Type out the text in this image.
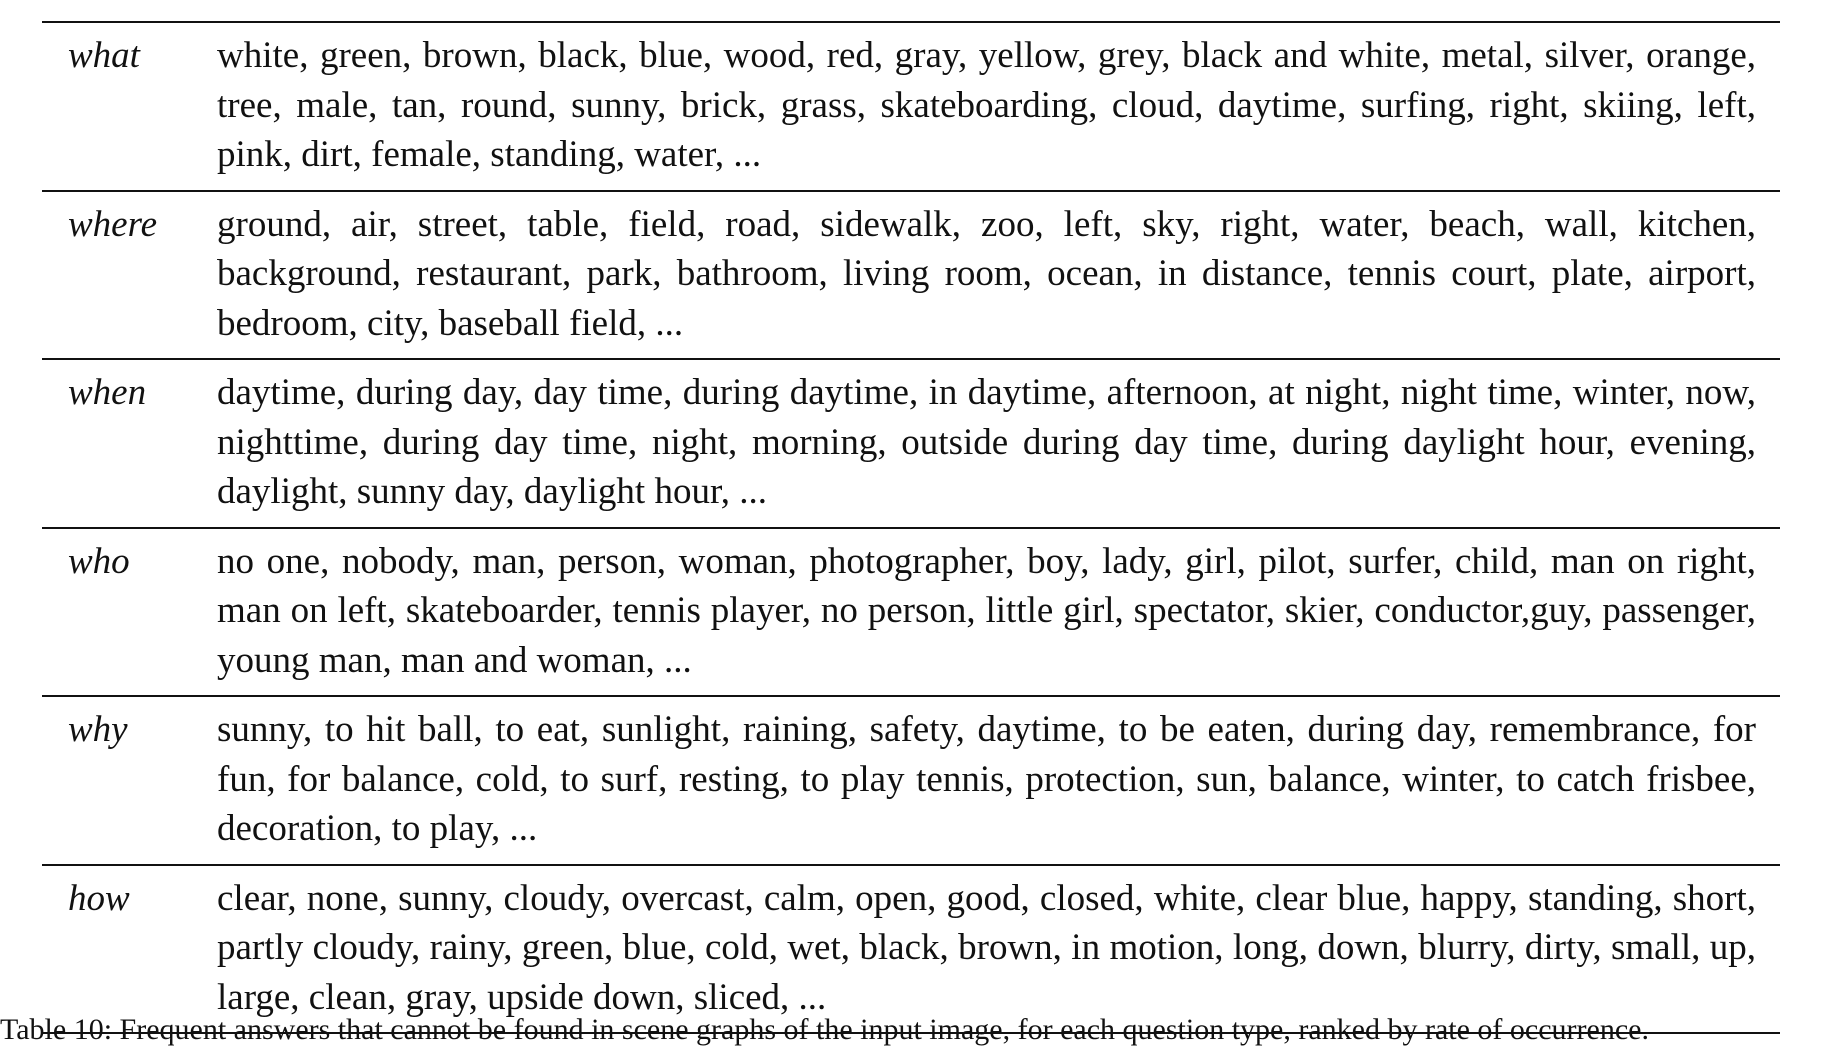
what	white, green, brown, black, blue, wood, red, gray, yellow, grey, black and white, metal, silver, orange, tree, male, tan, round, sunny, brick, grass, skateboarding, cloud, daytime, surfing, right, skiing, left, pink, dirt, female, standing, water, ...
where	ground, air, street, table, field, road, sidewalk, zoo, left, sky, right, water, beach, wall, kitchen, background, restaurant, park, bathroom, living room, ocean, in distance, tennis court, plate, airport, bedroom, city, baseball field, ...
when	daytime, during day, day time, during daytime, in daytime, afternoon, at night, night time, winter, now, nighttime, during day time, night, morning, outside during day time, during daylight hour, evening, daylight, sunny day, daylight hour, ...
who	no one, nobody, man, person, woman, photographer, boy, lady, girl, pilot, surfer, child, man on right, man on left, skateboarder, tennis player, no person, little girl, spectator, skier, conductor,guy, passenger, young man, man and woman, ...
why	sunny, to hit ball, to eat, sunlight, raining, safety, daytime, to be eaten, during day, remembrance, for fun, for balance, cold, to surf, resting, to play tennis, protection, sun, balance, winter, to catch frisbee, decoration, to play, ...
how	clear, none, sunny, cloudy, overcast, calm, open, good, closed, white, clear blue, happy, standing, short, partly cloudy, rainy, green, blue, cold, wet, black, brown, in motion, long, down, blurry, dirty, small, up, large, clean, gray, upside down, sliced, ...
Table 10: Frequent answers that cannot be found in scene graphs of the input image, for each question type, ranked by rate of occurrence.
